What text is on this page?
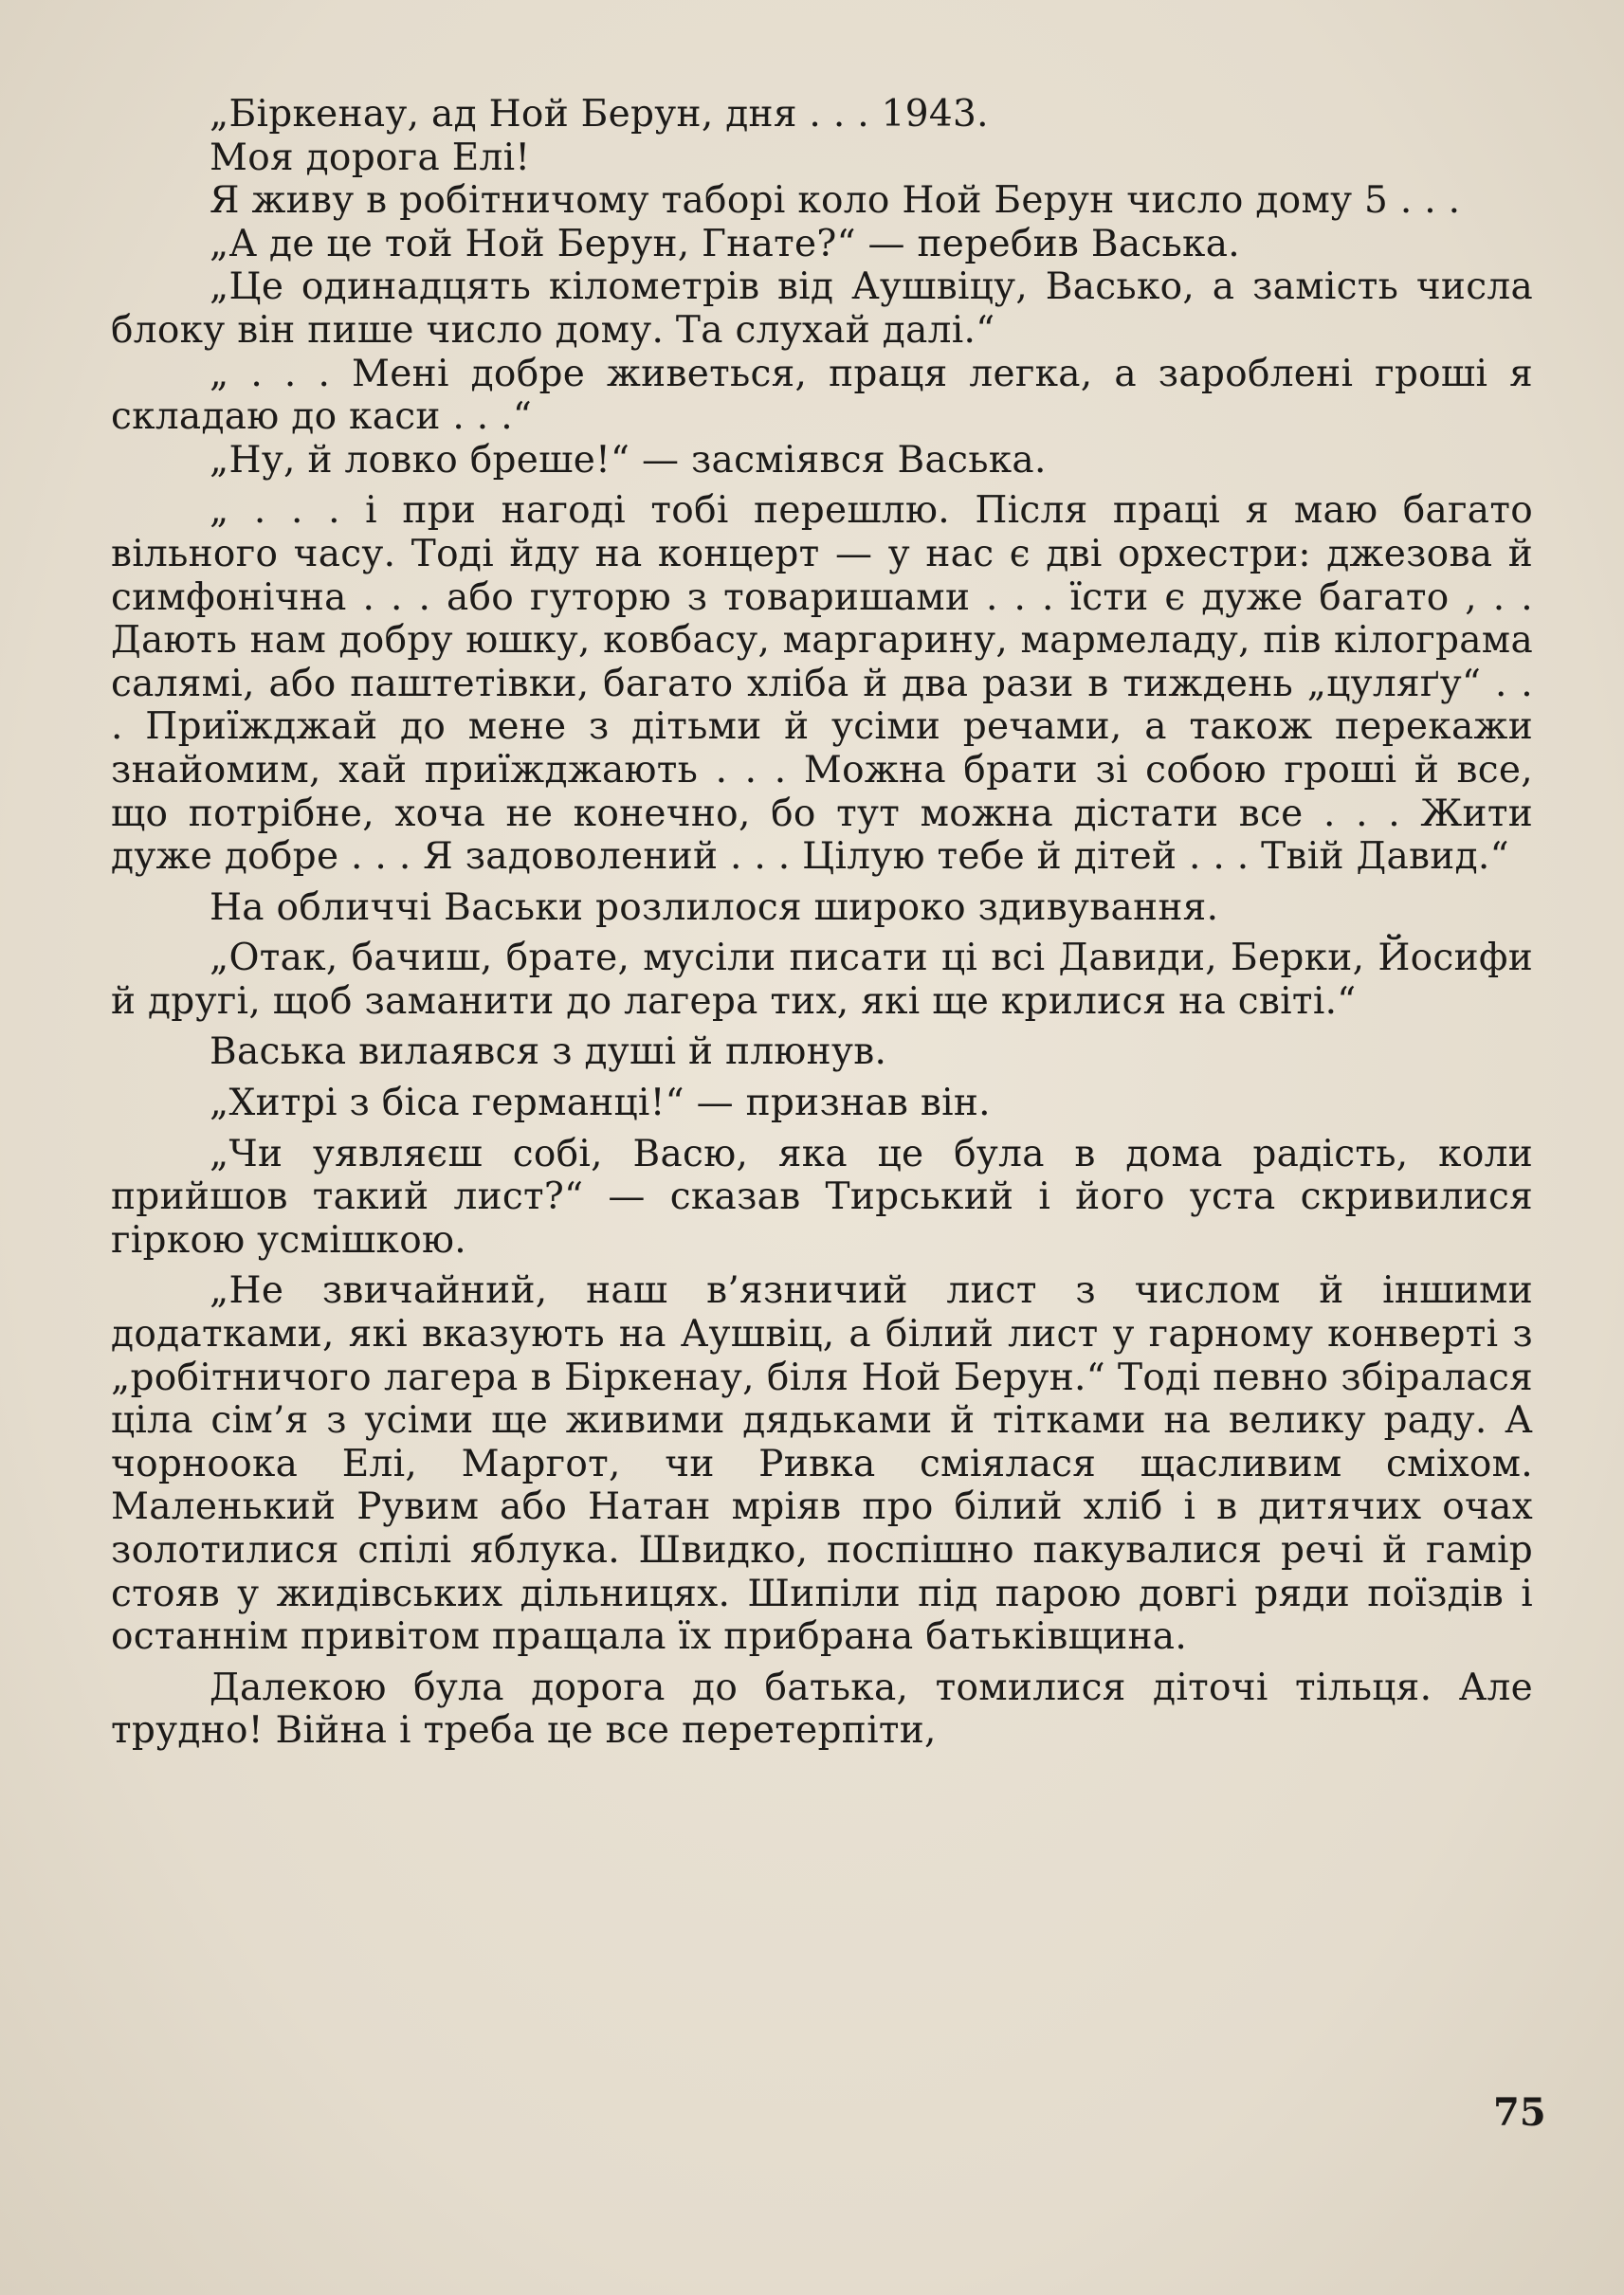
„Біркенау, ад Ной Берун, дня . . . 1943.

Моя дорога Елі!

Я живу в робітничому таборі коло Ной Берун число дому 5 . . .

„А де це той Ной Берун, Гнате?“ — перебив Васька.

„Це одинадцять кілометрів від Аушвіцу, Васько, а замість числа блоку він пише число дому. Та слухай далі.“

„ . . . Мені добре живеться, праця легка, а зароблені гроші я складаю до каси . . .“

„Ну, й ловко бреше!“ — засміявся Васька.

„ . . . і при нагоді тобі перешлю. Після праці я маю багато вільного часу. Тоді йду на концерт — у нас є дві орхестри: джезова й симфонічна . . . або гуторю з товаришами . . . їсти є дуже багато , . . Дають нам добру юшку, ковбасу, маргарину, мармеладу, пів кілограма салямі, або паштетівки, багато хліба й два рази в тиждень „цуляґу“ . . . Приїжджай до мене з дітьми й усіми речами, а також перекажи знайомим, хай приїжджають . . . Можна брати зі собою гроші й все, що потрібне, хоча не конечно, бо тут можна дістати все . . . Жити дуже добре . . . Я задоволений . . . Цілую тебе й дітей . . . Твій Давид.“

На обличчі Васьки розлилося широко здивування.

„Отак, бачиш, брате, мусіли писати ці всі Давиди, Берки, Йосифи й другі, щоб заманити до лагера тих, які ще крилися на світі.“

Васька вилаявся з душі й плюнув.

„Хитрі з біса германці!“ — признав він.

„Чи уявляєш собі, Васю, яка це була в дома радість, коли прийшов такий лист?“ — сказав Тирський і його уста скривилися гіркою усмішкою.

„Не звичайний, наш в’язничий лист з числом й іншими додатками, які вказують на Аушвіц, а білий лист у гарному конверті з „робітничого лагера в Біркенау, біля Ной Берун.“ Тоді певно збіралася ціла сім’я з усіми ще живими дядьками й тітками на велику раду. А чорноока Елі, Маргот, чи Ривка сміялася щасливим сміхом. Маленький Рувим або Натан мріяв про білий хліб і в дитячих очах золотилися спілі яблука. Швидко, поспішно пакувалися речі й гамір стояв у жидівських дільницях. Шипіли під парою довгі ряди поїздів і останнім привітом пращала їх прибрана батьківщина.

Далекою була дорога до батька, томилися діточі тільця. Але трудно! Війна і треба це все перетерпіти,

75
